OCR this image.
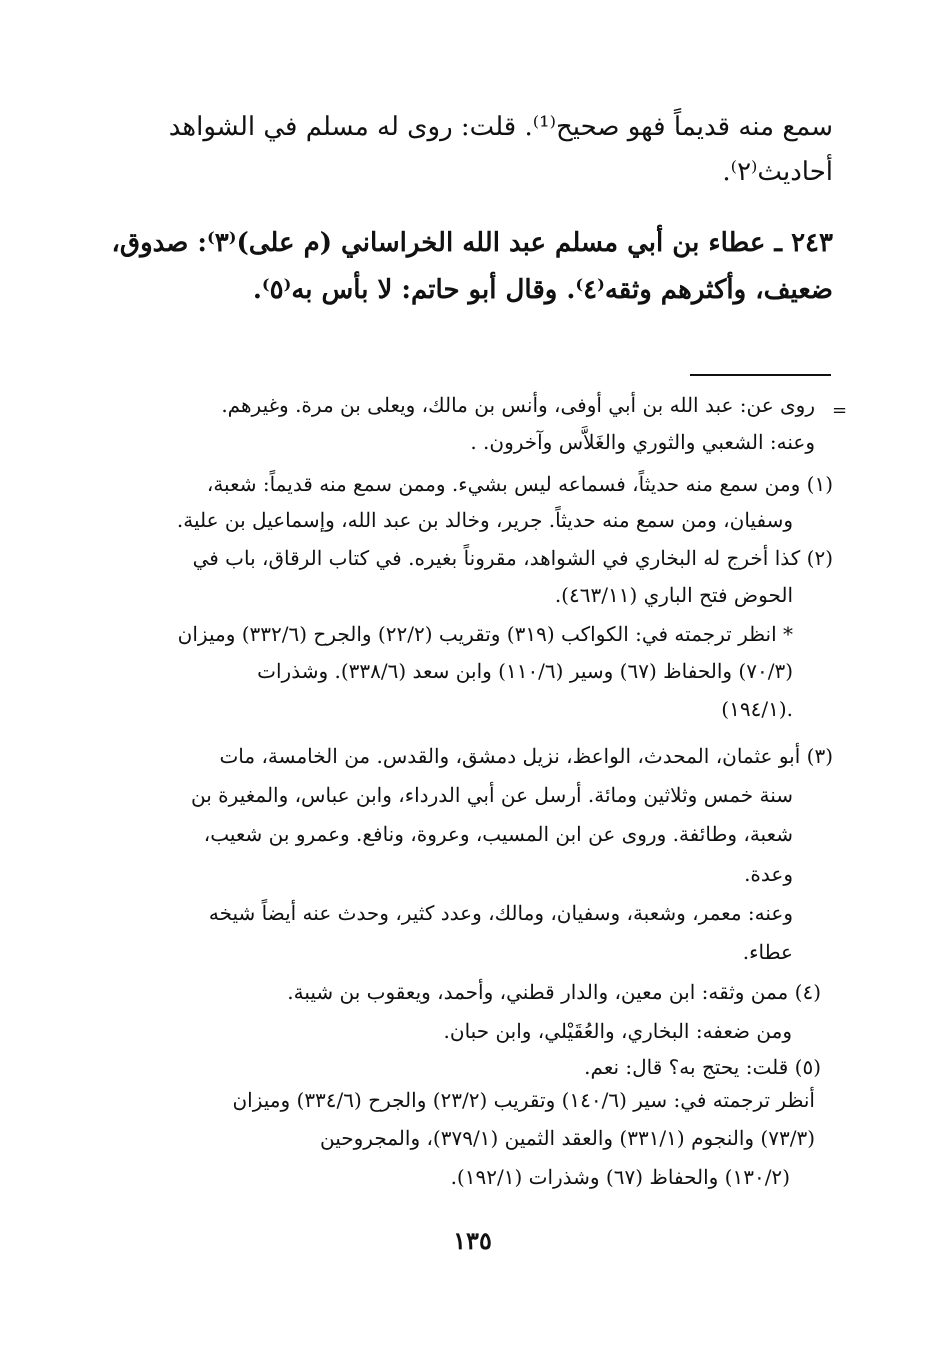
سمع منه قديماً فهو صحيح⁽¹⁾. قلت: روى له مسلم في الشواهد
أحاديث⁽٢⁾.
٢٤٣ ـ عطاء بن أبي مسلم عبد الله الخراساني (م على)⁽٣⁾: صدوق،
ضعيف، وأكثرهم وثقه⁽٤⁾. وقال أبو حاتم: لا بأس به⁽٥⁾.
=
روى عن: عبد الله بن أبي أوفى، وأنس بن مالك، ويعلى بن مرة. وغيرهم.
وعنه: الشعبي والثوري والغَلاَّس وآخرون. .
(١) ومن سمع منه حديثاً، فسماعه ليس بشيء. وممن سمع منه قديماً: شعبة،
وسفيان، ومن سمع منه حديثاً. جرير، وخالد بن عبد الله، وإسماعيل بن علية.
(٢) كذا أخرج له البخاري في الشواهد، مقروناً بغيره. في كتاب الرقاق، باب في
الحوض فتح الباري (٤٦٣/١١).
* انظر ترجمته في: الكواكب (٣١٩) وتقريب (٢٢/٢) والجرح (٣٣٢/٦) وميزان
(٧٠/٣) والحفاظ (٦٧) وسير (١١٠/٦) وابن سعد (٣٣٨/٦). وشذرات
(١٩٤/١).
(٣) أبو عثمان، المحدث، الواعظ، نزيل دمشق، والقدس. من الخامسة، مات
سنة خمس وثلاثين ومائة. أرسل عن أبي الدرداء، وابن عباس، والمغيرة بن
شعبة، وطائفة. وروى عن ابن المسيب، وعروة، ونافع. وعمرو بن شعيب،
وعدة.
وعنه: معمر، وشعبة، وسفيان، ومالك، وعدد كثير، وحدث عنه أيضاً شيخه
عطاء.
(٤) ممن وثقه: ابن معين، والدار قطني، وأحمد، ويعقوب بن شيبة.
ومن ضعفه: البخاري، والعُقَيْلي، وابن حبان.
(٥) قلت: يحتج به؟ قال: نعم.
أنظر ترجمته في: سير (١٤٠/٦) وتقريب (٢٣/٢) والجرح (٣٣٤/٦) وميزان
(٧٣/٣) والنجوم (٣٣١/١) والعقد الثمين (٣٧٩/١)، والمجروحين
(١٣٠/٢) والحفاظ (٦٧) وشذرات (١٩٢/١).
١٣٥
